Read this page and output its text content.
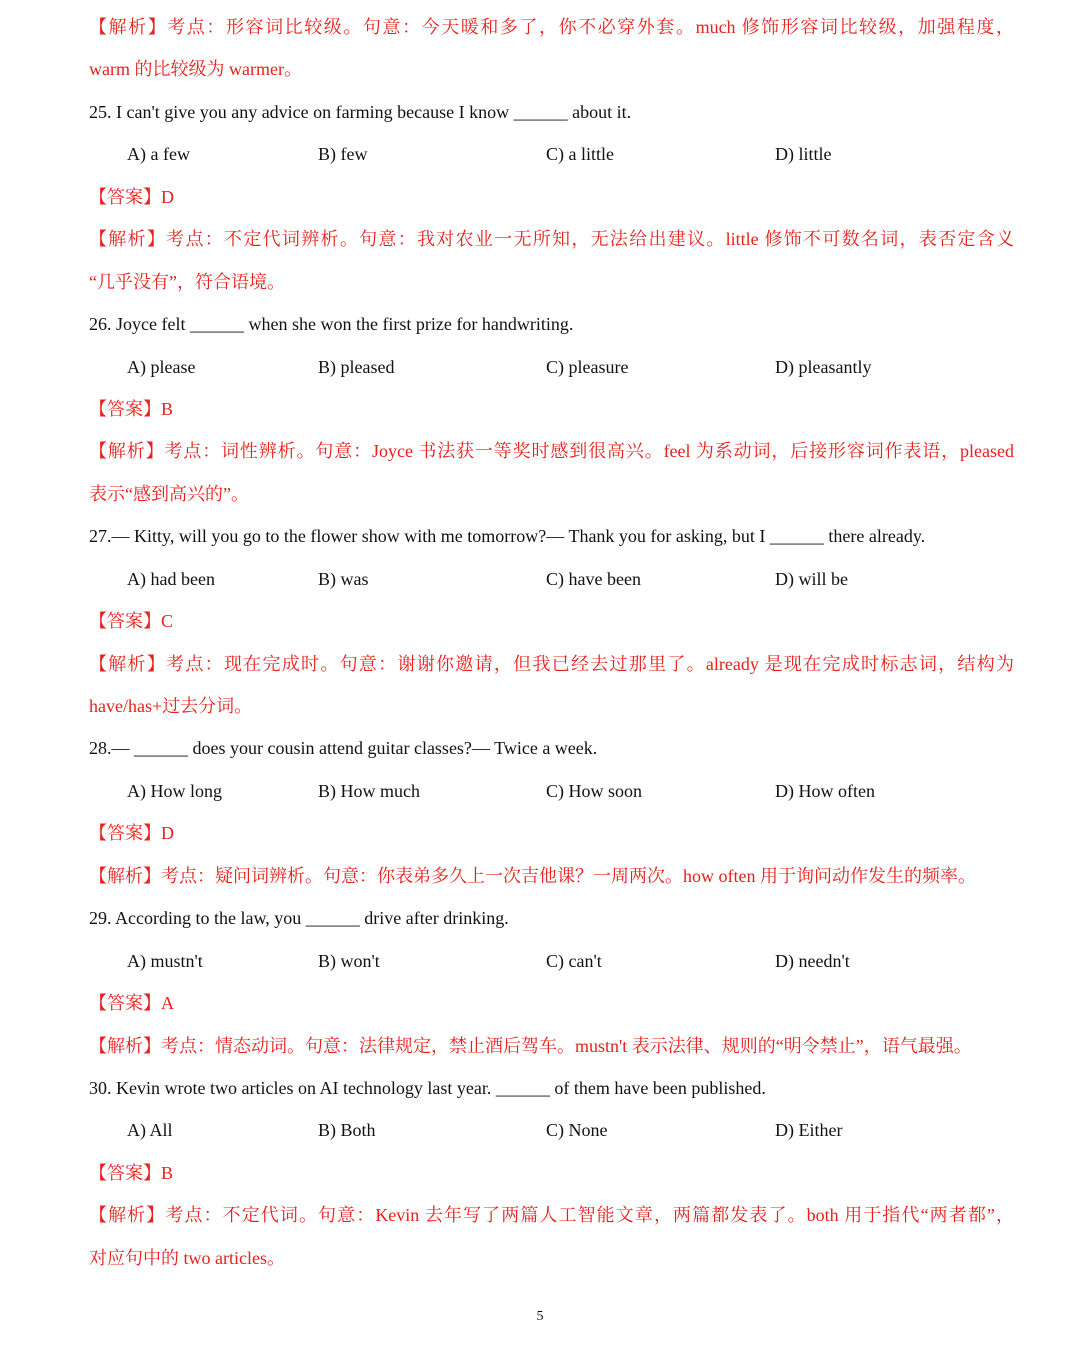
【解析】考点：形容词比较级。句意：今天暖和多了，你不必穿外套。much 修饰形容词比较级，加强程度，
warm 的比较级为 warmer。
25. I can't give you any advice on farming because I know ______ about it.
A) a few	B) few	C) a little	D) little
【答案】D
【解析】考点：不定代词辨析。句意：我对农业一无所知，无法给出建议。little 修饰不可数名词，表否定含义
“几乎没有”，符合语境。
26. Joyce felt ______ when she won the first prize for handwriting.
A) please	B) pleased	C) pleasure	D) pleasantly
【答案】B
【解析】考点：词性辨析。句意：Joyce 书法获一等奖时感到很高兴。feel 为系动词，后接形容词作表语，pleased
表示“感到高兴的”。
27.— Kitty, will you go to the flower show with me tomorrow?— Thank you for asking, but I ______ there already.
A) had been	B) was	C) have been	D) will be
【答案】C
【解析】考点：现在完成时。句意：谢谢你邀请，但我已经去过那里了。already 是现在完成时标志词，结构为
have/has+过去分词。
28.— ______ does your cousin attend guitar classes?— Twice a week.
A) How long	B) How much	C) How soon	D) How often
【答案】D
【解析】考点：疑问词辨析。句意：你表弟多久上一次吉他课？一周两次。how often 用于询问动作发生的频率。
29. According to the law, you ______ drive after drinking.
A) mustn't	B) won't	C) can't	D) needn't
【答案】A
【解析】考点：情态动词。句意：法律规定，禁止酒后驾车。mustn't 表示法律、规则的“明令禁止”，语气最强。
30. Kevin wrote two articles on AI technology last year. ______ of them have been published.
A) All	B) Both	C) None	D) Either
【答案】B
【解析】考点：不定代词。句意：Kevin 去年写了两篇人工智能文章，两篇都发表了。both 用于指代“两者都”，
对应句中的 two articles。
5
